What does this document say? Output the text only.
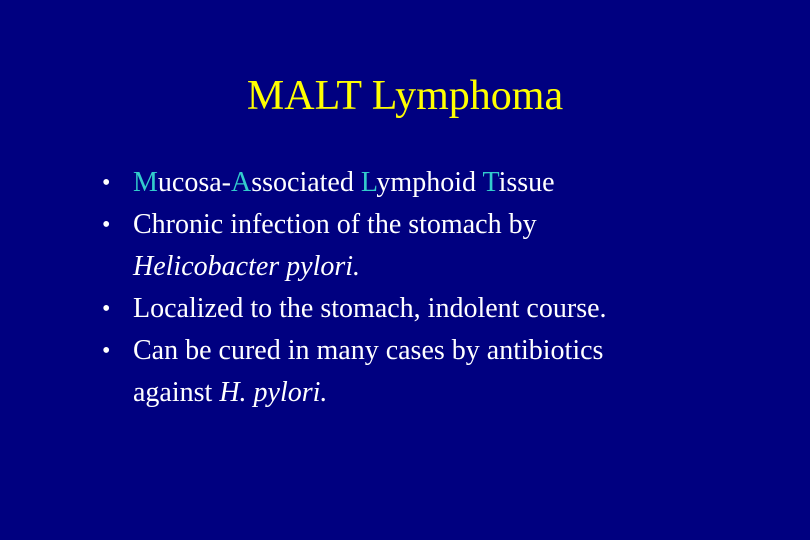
MALT Lymphoma
• Mucosa-Associated Lymphoid Tissue
• Chronic infection of the stomach by
Helicobacter pylori.
• Localized to the stomach, indolent course.
• Can be cured in many cases by antibiotics
against H. pylori.
